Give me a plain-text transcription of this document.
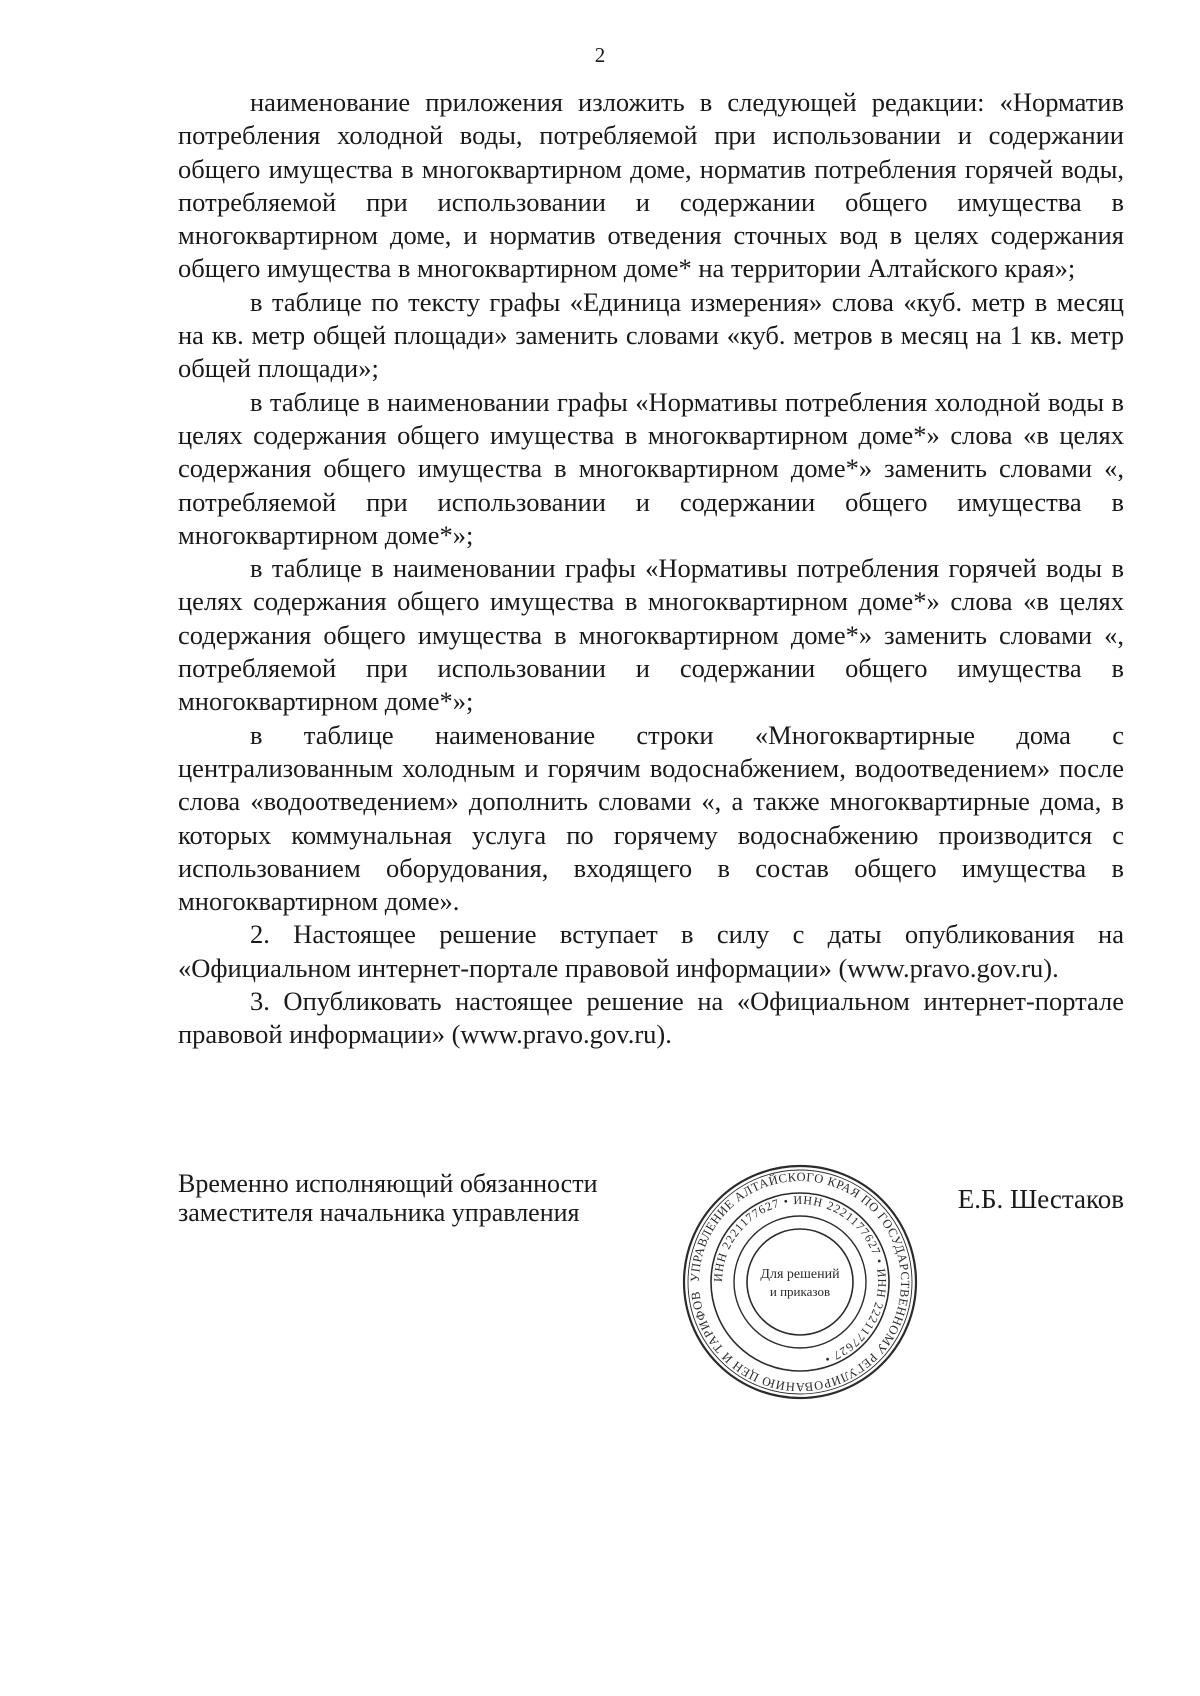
2

наименование приложения изложить в следующей редакции: «Норматив потребления холодной воды, потребляемой при использовании и содержании общего имущества в многоквартирном доме, норматив потребления горячей воды, потребляемой при использовании и содержании общего имущества в многоквартирном доме, и норматив отведения сточных вод в целях содержания общего имущества в многоквартирном доме* на территории Алтайского края»;

в таблице по тексту графы «Единица измерения» слова «куб. метр в месяц на кв. метр общей площади» заменить словами «куб. метров в месяц на 1 кв. метр общей площади»;

в таблице в наименовании графы «Нормативы потребления холодной воды в целях содержания общего имущества в многоквартирном доме*» слова «в целях содержания общего имущества в многоквартирном доме*» заменить словами «, потребляемой при использовании и содержании общего имущества в многоквартирном доме*»;

в таблице в наименовании графы «Нормативы потребления горячей воды в целях содержания общего имущества в многоквартирном доме*» слова «в целях содержания общего имущества в многоквартирном доме*» заменить словами «, потребляемой при использовании и содержании общего имущества в многоквартирном доме*»;

в таблице наименование строки «Многоквартирные дома с централизованным холодным и горячим водоснабжением, водоотведением» после слова «водоотведением» дополнить словами «, а также многоквартирные дома, в которых коммунальная услуга по горячему водоснабжению производится с использованием оборудования, входящего в состав общего имущества в многоквартирном доме».

2. Настоящее решение вступает в силу с даты опубликования на «Официальном интернет-портале правовой информации» (www.pravo.gov.ru).

3. Опубликовать настоящее решение на «Официальном интернет-портале правовой информации» (www.pravo.gov.ru).

Временно исполняющий обязанности
заместителя начальника управления
УПРАВЛЕНИЕ АЛТАЙСКОГО КРАЯ ПО ГОСУДАРСТВЕННОМУ РЕГУЛИРОВАНИЮ ЦЕН И ТАРИФОВ
ИНН 2221177627 • ИНН 2221177627 • ИНН 2221177627 •
Для решений
и приказов
Е.Б. Шестаков
